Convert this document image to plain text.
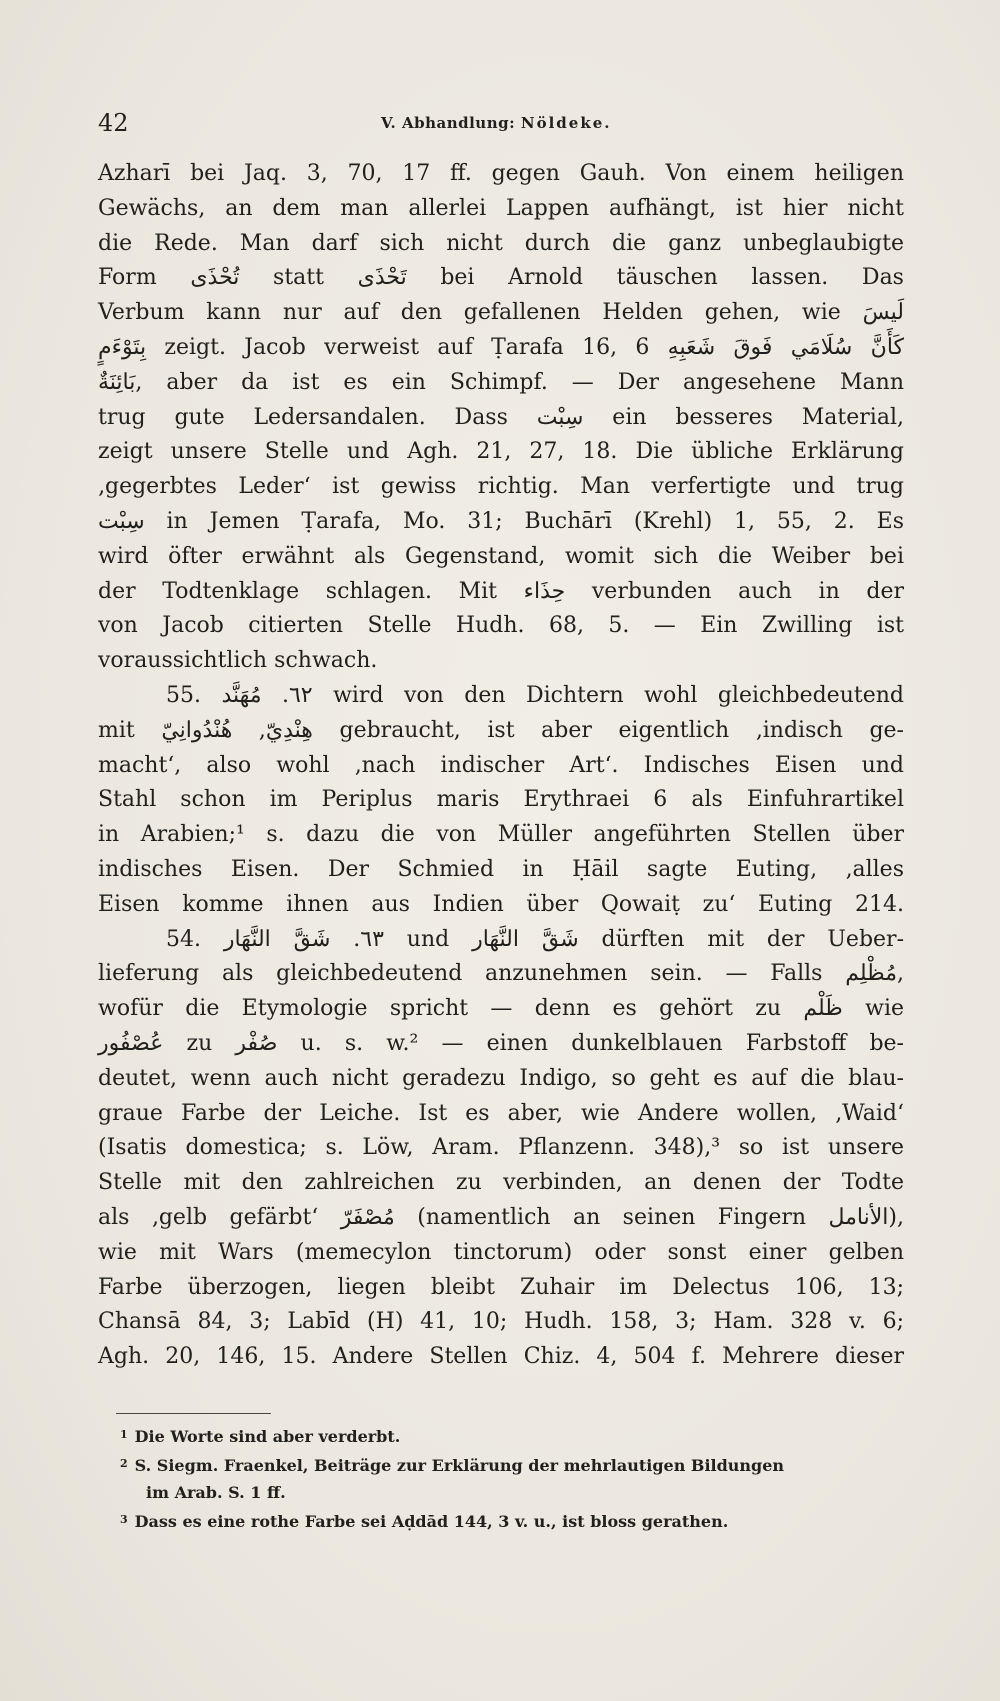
42	V. Abhandlung: Nöldeke.
Azharī bei Jaq. 3, 70, 17 ff. gegen Gauh. Von einem heiligen
Gewächs, an dem man allerlei Lappen aufhängt, ist hier nicht
die Rede. Man darf sich nicht durch die ganz unbeglaubigte
Form تُحْذَى statt تَحْذَى bei Arnold täuschen lassen. Das
Verbum kann nur auf den gefallenen Helden gehen, wie لَيسَ
بِتَوْءَمٍ zeigt. Jacob verweist auf Ṭarafa 16, 6 كَأَنَّ سُلَامَي فَوقَ شَعَبِهِ
بَائِنَةٌ, aber da ist es ein Schimpf. — Der angesehene Mann
trug gute Ledersandalen. Dass سِبْت ein besseres Material,
zeigt unsere Stelle und Agh. 21, 27, 18. Die übliche Erklärung
‚gegerbtes Leder‘ ist gewiss richtig. Man verfertigte und trug
سِبْت in Jemen Ṭarafa, Mo. 31; Buchārī (Krehl) 1, 55, 2. Es
wird öfter erwähnt als Gegenstand, womit sich die Weiber bei
der Todtenklage schlagen. Mit حِذَاء verbunden auch in der
von Jacob citierten Stelle Hudh. 68, 5. — Ein Zwilling ist
voraussichtlich schwach.
55. ٦٢. مُهَنَّد wird von den Dichtern wohl gleichbedeutend
mit هِنْدِيّ, هُنْدُوانِيّ gebraucht, ist aber eigentlich ‚indisch ge-
macht‘, also wohl ‚nach indischer Art‘. Indisches Eisen und
Stahl schon im Periplus maris Erythraei 6 als Einfuhrartikel
in Arabien;¹ s. dazu die von Müller angeführten Stellen über
indisches Eisen. Der Schmied in Ḥāil sagte Euting, ‚alles
Eisen komme ihnen aus Indien über Qowaiṭ zu‘ Euting 214.
54. ٦٣. شَقَّ النَّهَار und شَقَّ النَّهَار dürften mit der Ueber-
lieferung als gleichbedeutend anzunehmen sein. — Falls مُظْلِم,
wofür die Etymologie spricht — denn es gehört zu ظَلْم wie
عُصْفُور zu صُفْر u. s. w.² — einen dunkelblauen Farbstoff be-
deutet, wenn auch nicht geradezu Indigo, so geht es auf die blau-
graue Farbe der Leiche. Ist es aber, wie Andere wollen, ‚Waid‘
(Isatis domestica; s. Löw, Aram. Pflanzenn. 348),³ so ist unsere
Stelle mit den zahlreichen zu verbinden, an denen der Todte
als ‚gelb gefärbt‘ مُصْفَرّ (namentlich an seinen Fingern الأنامل),
wie mit Wars (memecylon tinctorum) oder sonst einer gelben
Farbe überzogen, liegen bleibt Zuhair im Delectus 106, 13;
Chansā 84, 3; Labīd (H) 41, 10; Hudh. 158, 3; Ham. 328 v. 6;
Agh. 20, 146, 15. Andere Stellen Chiz. 4, 504 f. Mehrere dieser
$^1$ Die Worte sind aber verderbt.
$^2$ S. Siegm. Fraenkel, Beiträge zur Erklärung der mehrlautigen Bildungen
im Arab. S. 1 ff.
$^3$ Dass es eine rothe Farbe sei Aḍdād 144, 3 v. u., ist bloss gerathen.
